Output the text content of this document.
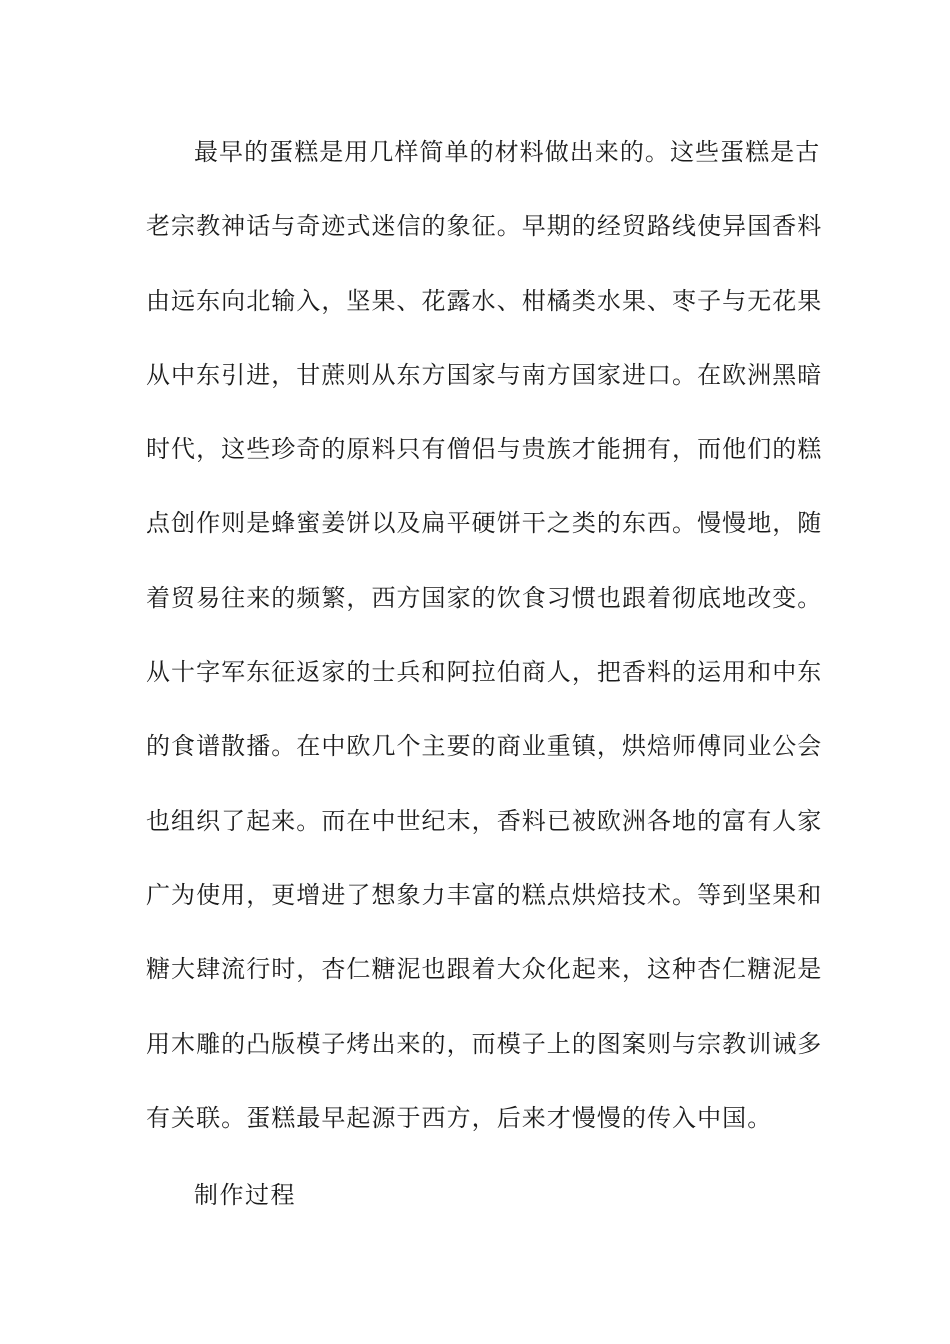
最早的蛋糕是用几样简单的材料做出来的。这些蛋糕是古
老宗教神话与奇迹式迷信的象征。早期的经贸路线使异国香料
由远东向北输入，坚果、花露水、柑橘类水果、枣子与无花果
从中东引进，甘蔗则从东方国家与南方国家进口。在欧洲黑暗
时代，这些珍奇的原料只有僧侣与贵族才能拥有，而他们的糕
点创作则是蜂蜜姜饼以及扁平硬饼干之类的东西。慢慢地，随
着贸易往来的频繁，西方国家的饮食习惯也跟着彻底地改变。
从十字军东征返家的士兵和阿拉伯商人，把香料的运用和中东
的食谱散播。在中欧几个主要的商业重镇，烘焙师傅同业公会
也组织了起来。而在中世纪末，香料已被欧洲各地的富有人家
广为使用，更增进了想象力丰富的糕点烘焙技术。等到坚果和
糖大肆流行时，杏仁糖泥也跟着大众化起来，这种杏仁糖泥是
用木雕的凸版模子烤出来的，而模子上的图案则与宗教训诫多
有关联。蛋糕最早起源于西方，后来才慢慢的传入中国。
制作过程
